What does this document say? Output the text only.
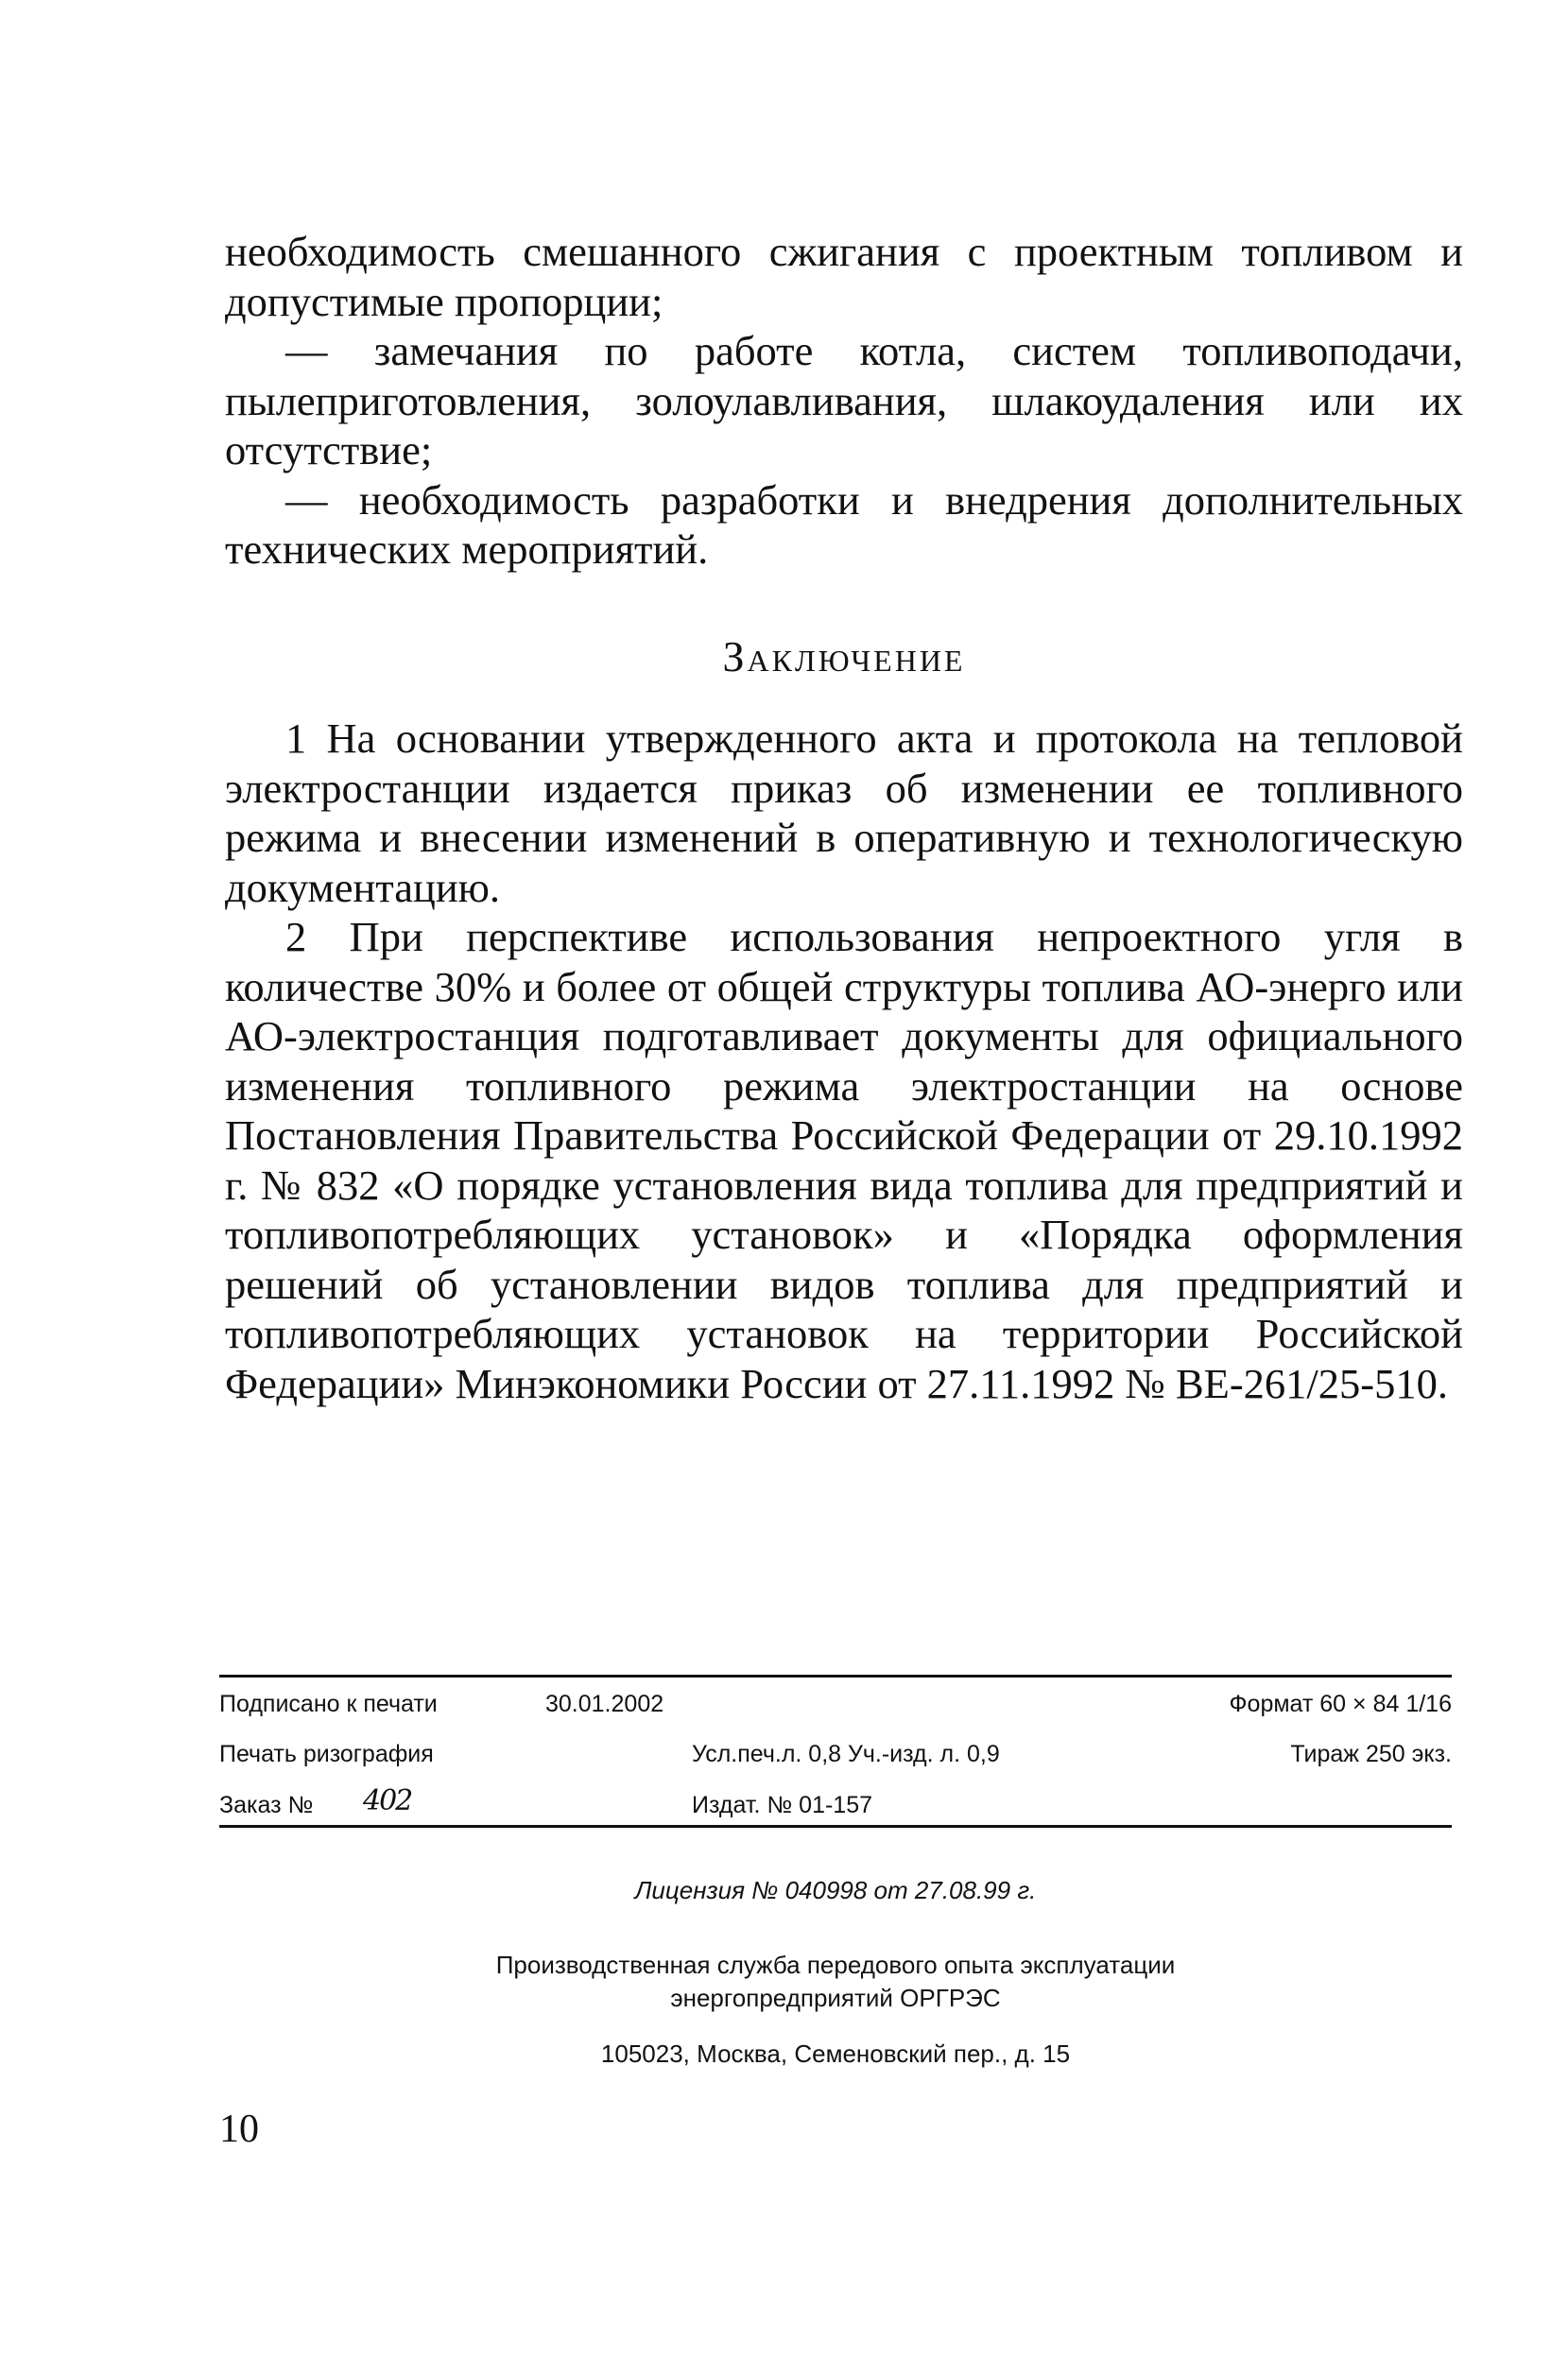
необходимость смешанного сжигания с проектным топливом и допустимые пропорции;

— замечания по работе котла, систем топливоподачи, пылеприготовления, золоулавливания, шлакоудаления или их отсутствие;

— необходимость разработки и внедрения дополнительных технических мероприятий.

Заключение

1 На основании утвержденного акта и протокола на тепловой электростанции издается приказ об изменении ее топливного режима и внесении изменений в оперативную и технологическую документацию.

2 При перспективе использования непроектного угля в количестве 30% и более от общей структуры топлива АО-энерго или АО-электростанция подготавливает документы для официального изменения топливного режима электростанции на основе Постановления Правительства Российской Федерации от 29.10.1992 г. № 832 «О порядке установления вида топлива для предприятий и топливопотребляющих установок» и «Порядка оформления решений об установлении видов топлива для предприятий и топливопотребляющих установок на территории Российской Федерации» Минэкономики России от 27.11.1992 № ВЕ-261/25-510.

Подписано к печати	30.01.2002	Формат 60 × 84 1/16
Печать ризография	Усл.печ.л. 0,8 Уч.-изд. л. 0,9	Тираж 250 экз.
Заказ № 402	Издат. № 01-157
Лицензия № 040998 от 27.08.99 г.
Производственная служба передового опыта эксплуатации
энергопредприятий ОРГРЭС
105023, Москва, Семеновский пер., д. 15
10
